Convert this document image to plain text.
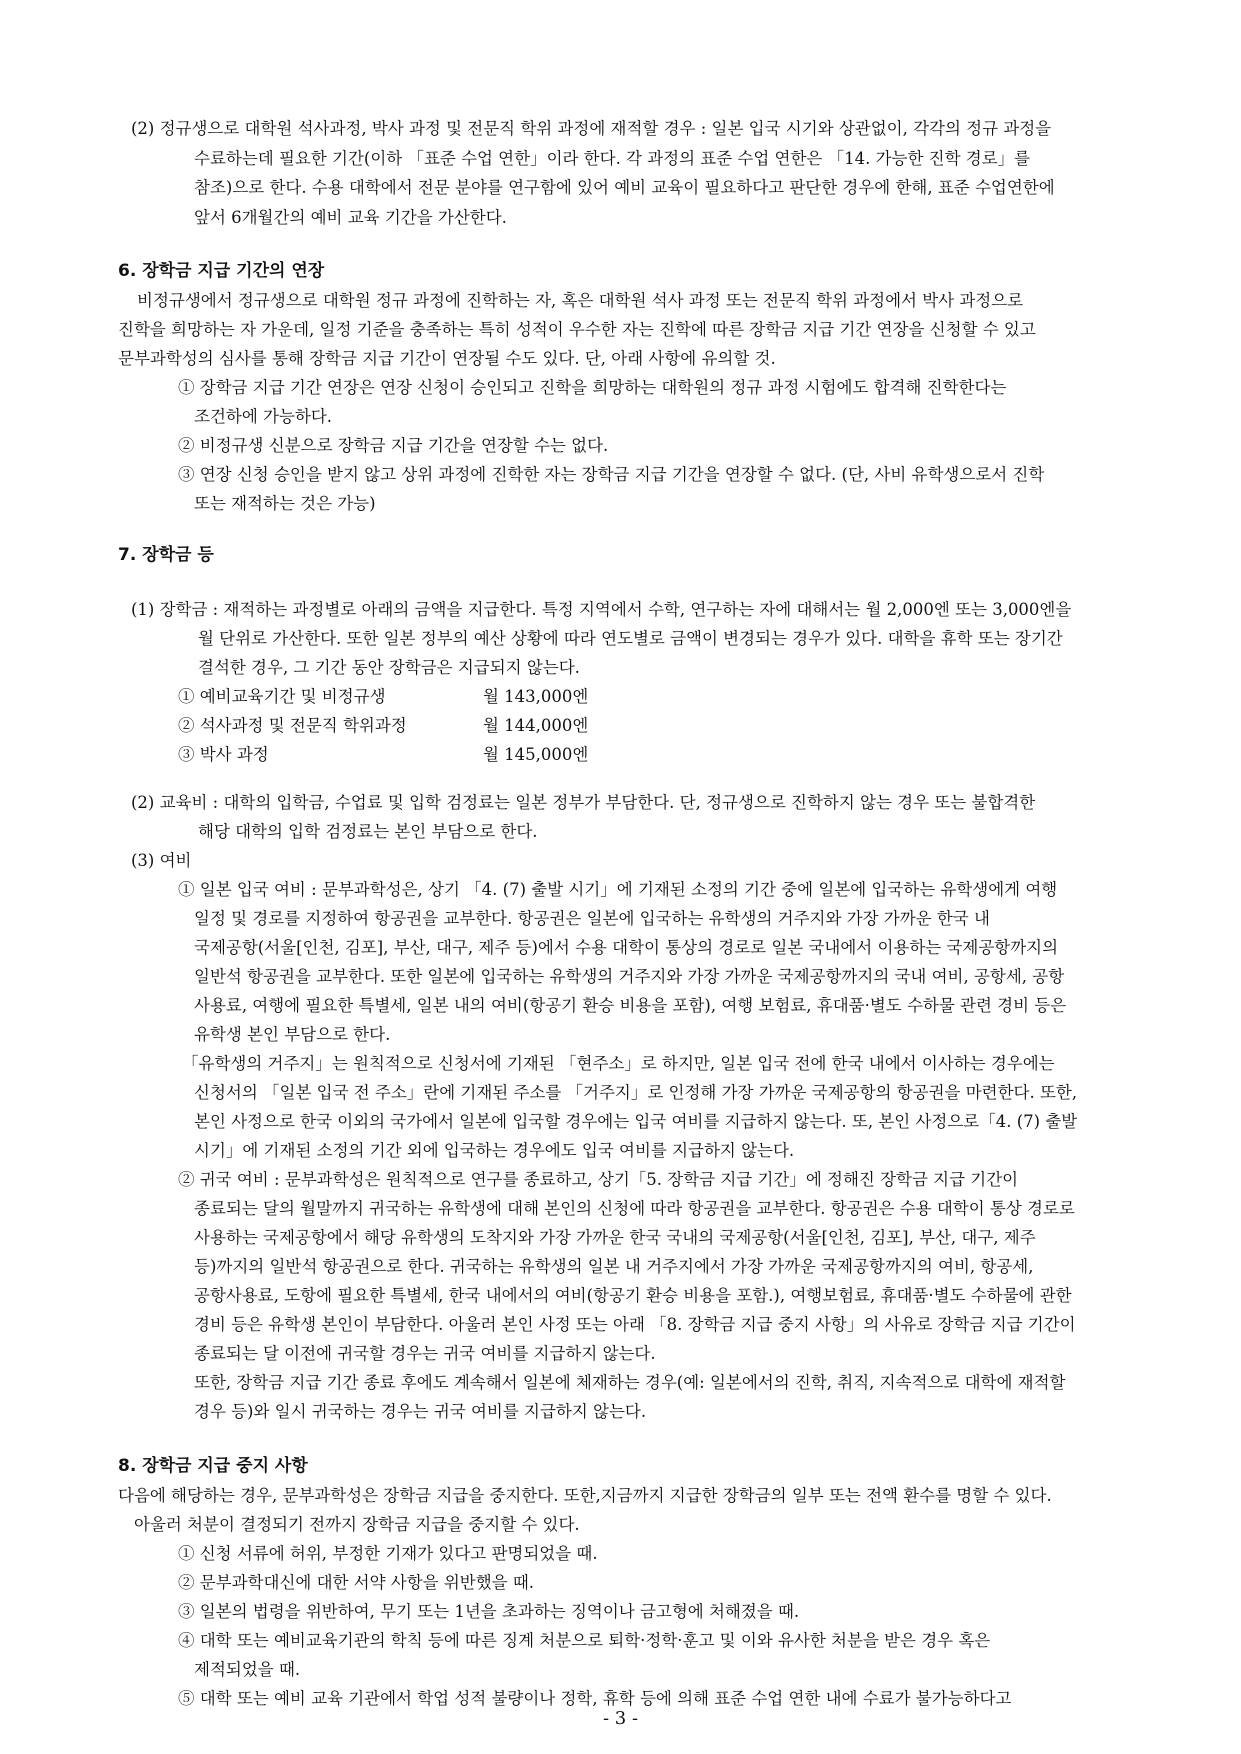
(2) 정규생으로 대학원 석사과정, 박사 과정 및 전문직 학위 과정에 재적할 경우 : 일본 입국 시기와 상관없이, 각각의 정규 과정을
수료하는데 필요한 기간(이하 「표준 수업 연한」이라 한다. 각 과정의 표준 수업 연한은 「14. 가능한 진학 경로」를
참조)으로 한다. 수용 대학에서 전문 분야를 연구함에 있어 예비 교육이 필요하다고 판단한 경우에 한해, 표준 수업연한에
앞서 6개월간의 예비 교육 기간을 가산한다.
6. 장학금 지급 기간의 연장
비정규생에서 정규생으로 대학원 정규 과정에 진학하는 자, 혹은 대학원 석사 과정 또는 전문직 학위 과정에서 박사 과정으로
진학을 희망하는 자 가운데, 일정 기준을 충족하는 특히 성적이 우수한 자는 진학에 따른 장학금 지급 기간 연장을 신청할 수 있고
문부과학성의 심사를 통해 장학금 지급 기간이 연장될 수도 있다. 단, 아래 사항에 유의할 것.
① 장학금 지급 기간 연장은 연장 신청이 승인되고 진학을 희망하는 대학원의 정규 과정 시험에도 합격해 진학한다는
조건하에 가능하다.
② 비정규생 신분으로 장학금 지급 기간을 연장할 수는 없다.
③ 연장 신청 승인을 받지 않고 상위 과정에 진학한 자는 장학금 지급 기간을 연장할 수 없다. (단, 사비 유학생으로서 진학
또는 재적하는 것은 가능)
7. 장학금 등
(1) 장학금 : 재적하는 과정별로 아래의 금액을 지급한다. 특정 지역에서 수학, 연구하는 자에 대해서는 월 2,000엔 또는 3,000엔을
월 단위로 가산한다. 또한 일본 정부의 예산 상황에 따라 연도별로 금액이 변경되는 경우가 있다. 대학을 휴학 또는 장기간
결석한 경우, 그 기간 동안 장학금은 지급되지 않는다.
① 예비교육기간 및 비정규생	월 143,000엔
② 석사과정 및 전문직 학위과정	월 144,000엔
③ 박사 과정	월 145,000엔
(2) 교육비 : 대학의 입학금, 수업료 및 입학 검정료는 일본 정부가 부담한다. 단, 정규생으로 진학하지 않는 경우 또는 불합격한
해당 대학의 입학 검정료는 본인 부담으로 한다.
(3) 여비
① 일본 입국 여비 : 문부과학성은, 상기 「4. (7) 출발 시기」에 기재된 소정의 기간 중에 일본에 입국하는 유학생에게 여행
일정 및 경로를 지정하여 항공권을 교부한다. 항공권은 일본에 입국하는 유학생의 거주지와 가장 가까운 한국 내
국제공항(서울[인천, 김포], 부산, 대구, 제주 등)에서 수용 대학이 통상의 경로로 일본 국내에서 이용하는 국제공항까지의
일반석 항공권을 교부한다. 또한 일본에 입국하는 유학생의 거주지와 가장 가까운 국제공항까지의 국내 여비, 공항세, 공항
사용료, 여행에 필요한 특별세, 일본 내의 여비(항공기 환승 비용을 포함), 여행 보험료, 휴대품·별도 수하물 관련 경비 등은
유학생 본인 부담으로 한다.
「유학생의 거주지」는 원칙적으로 신청서에 기재된 「현주소」로 하지만, 일본 입국 전에 한국 내에서 이사하는 경우에는
신청서의 「일본 입국 전 주소」란에 기재된 주소를 「거주지」로 인정해 가장 가까운 국제공항의 항공권을 마련한다. 또한,
본인 사정으로 한국 이외의 국가에서 일본에 입국할 경우에는 입국 여비를 지급하지 않는다. 또, 본인 사정으로「4. (7) 출발
시기」에 기재된 소정의 기간 외에 입국하는 경우에도 입국 여비를 지급하지 않는다.
② 귀국 여비 : 문부과학성은 원칙적으로 연구를 종료하고, 상기「5. 장학금 지급 기간」에 정해진 장학금 지급 기간이
종료되는 달의 월말까지 귀국하는 유학생에 대해 본인의 신청에 따라 항공권을 교부한다. 항공권은 수용 대학이 통상 경로로
사용하는 국제공항에서 해당 유학생의 도착지와 가장 가까운 한국 국내의 국제공항(서울[인천, 김포], 부산, 대구, 제주
등)까지의 일반석 항공권으로 한다. 귀국하는 유학생의 일본 내 거주지에서 가장 가까운 국제공항까지의 여비, 항공세,
공항사용료, 도항에 필요한 특별세, 한국 내에서의 여비(항공기 환승 비용을 포함.), 여행보험료, 휴대품·별도 수하물에 관한
경비 등은 유학생 본인이 부담한다. 아울러 본인 사정 또는 아래 「8. 장학금 지급 중지 사항」의 사유로 장학금 지급 기간이
종료되는 달 이전에 귀국할 경우는 귀국 여비를 지급하지 않는다.
또한, 장학금 지급 기간 종료 후에도 계속해서 일본에 체재하는 경우(예: 일본에서의 진학, 취직, 지속적으로 대학에 재적할
경우 등)와 일시 귀국하는 경우는 귀국 여비를 지급하지 않는다.
8. 장학금 지급 중지 사항
다음에 해당하는 경우, 문부과학성은 장학금 지급을 중지한다. 또한,지금까지 지급한 장학금의 일부 또는 전액 환수를 명할 수 있다.
아울러 처분이 결정되기 전까지 장학금 지급을 중지할 수 있다.
① 신청 서류에 허위, 부정한 기재가 있다고 판명되었을 때.
② 문부과학대신에 대한 서약 사항을 위반했을 때.
③ 일본의 법령을 위반하여, 무기 또는 1년을 초과하는 징역이나 금고형에 처해졌을 때.
④ 대학 또는 예비교육기관의 학칙 등에 따른 징계 처분으로 퇴학·정학·훈고 및 이와 유사한 처분을 받은 경우 혹은
제적되었을 때.
⑤ 대학 또는 예비 교육 기관에서 학업 성적 불량이나 정학, 휴학 등에 의해 표준 수업 연한 내에 수료가 불가능하다고
- 3 -
